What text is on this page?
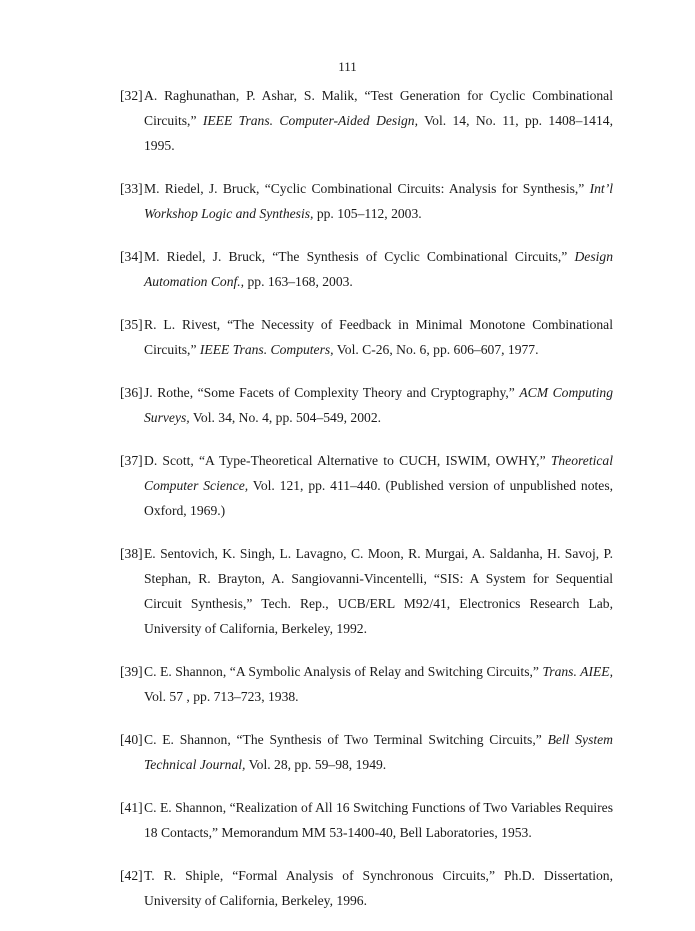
111
[32] A. Raghunathan, P. Ashar, S. Malik, “Test Generation for Cyclic Combinational Circuits,” IEEE Trans. Computer-Aided Design, Vol. 14, No. 11, pp. 1408–1414, 1995.
[33] M. Riedel, J. Bruck, “Cyclic Combinational Circuits: Analysis for Synthesis,” Int’l Workshop Logic and Synthesis, pp. 105–112, 2003.
[34] M. Riedel, J. Bruck, “The Synthesis of Cyclic Combinational Circuits,” Design Automation Conf., pp. 163–168, 2003.
[35] R. L. Rivest, “The Necessity of Feedback in Minimal Monotone Combinational Circuits,” IEEE Trans. Computers, Vol. C-26, No. 6, pp. 606–607, 1977.
[36] J. Rothe, “Some Facets of Complexity Theory and Cryptography,” ACM Computing Surveys, Vol. 34, No. 4, pp. 504–549, 2002.
[37] D. Scott, “A Type-Theoretical Alternative to CUCH, ISWIM, OWHY,” Theoretical Computer Science, Vol. 121, pp. 411–440. (Published version of unpublished notes, Oxford, 1969.)
[38] E. Sentovich, K. Singh, L. Lavagno, C. Moon, R. Murgai, A. Saldanha, H. Savoj, P. Stephan, R. Brayton, A. Sangiovanni-Vincentelli, “SIS: A System for Sequential Circuit Synthesis,” Tech. Rep., UCB/ERL M92/41, Electronics Research Lab, University of California, Berkeley, 1992.
[39] C. E. Shannon, “A Symbolic Analysis of Relay and Switching Circuits,” Trans. AIEE, Vol. 57 , pp. 713–723, 1938.
[40] C. E. Shannon, “The Synthesis of Two Terminal Switching Circuits,” Bell System Technical Journal, Vol. 28, pp. 59–98, 1949.
[41] C. E. Shannon, “Realization of All 16 Switching Functions of Two Variables Requires 18 Contacts,” Memorandum MM 53-1400-40, Bell Laboratories, 1953.
[42] T. R. Shiple, “Formal Analysis of Synchronous Circuits,” Ph.D. Dissertation, University of California, Berkeley, 1996.
